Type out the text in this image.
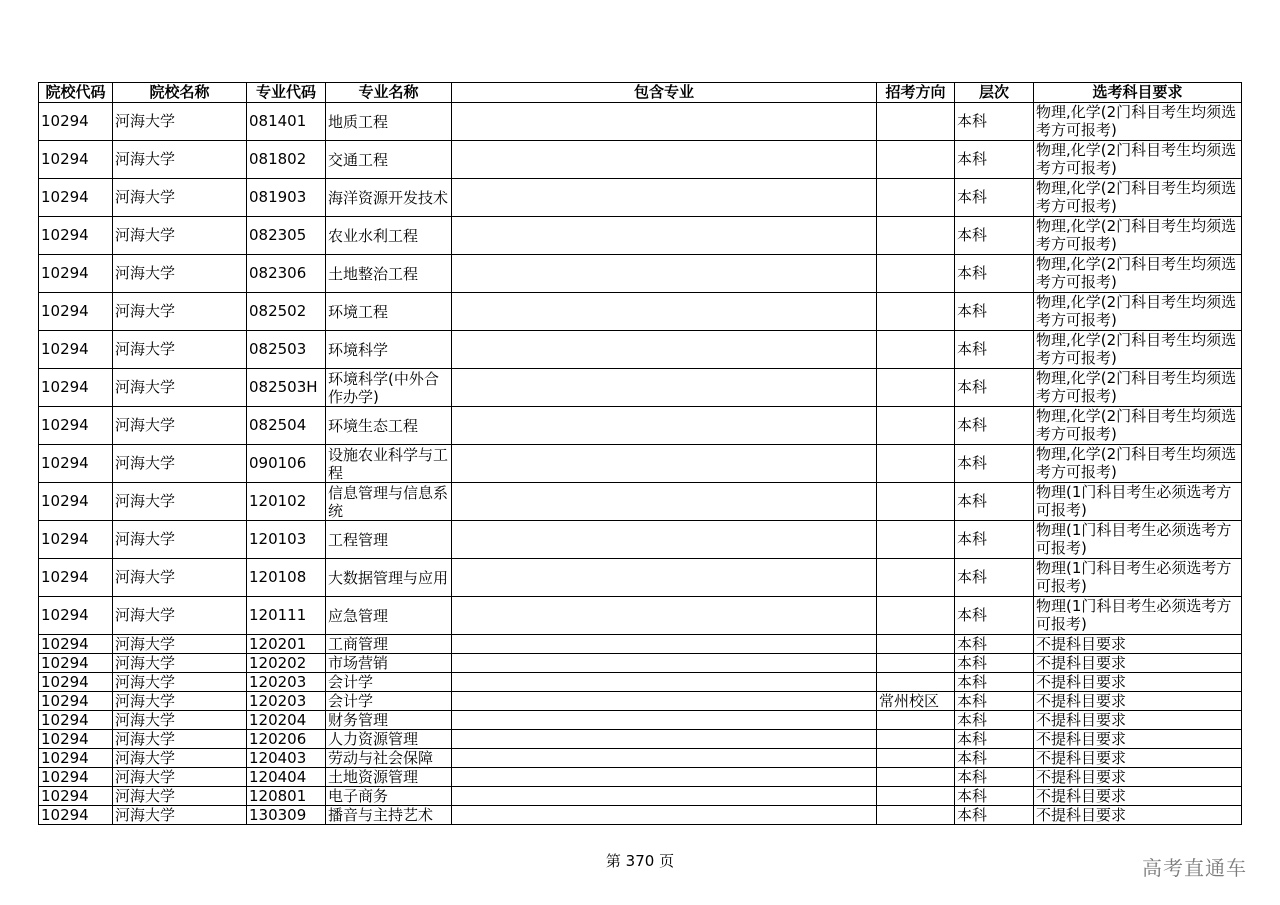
院校代码	院校名称	专业代码	专业名称	包含专业	招考方向	层次	选考科目要求
10294	河海大学	081401	地质工程			本科	物理,化学(2门科目考生均须选考方可报考)
10294	河海大学	081802	交通工程			本科	物理,化学(2门科目考生均须选考方可报考)
10294	河海大学	081903	海洋资源开发技术			本科	物理,化学(2门科目考生均须选考方可报考)
10294	河海大学	082305	农业水利工程			本科	物理,化学(2门科目考生均须选考方可报考)
10294	河海大学	082306	土地整治工程			本科	物理,化学(2门科目考生均须选考方可报考)
10294	河海大学	082502	环境工程			本科	物理,化学(2门科目考生均须选考方可报考)
10294	河海大学	082503	环境科学			本科	物理,化学(2门科目考生均须选考方可报考)
10294	河海大学	082503H	环境科学(中外合作办学)			本科	物理,化学(2门科目考生均须选考方可报考)
10294	河海大学	082504	环境生态工程			本科	物理,化学(2门科目考生均须选考方可报考)
10294	河海大学	090106	设施农业科学与工程			本科	物理,化学(2门科目考生均须选考方可报考)
10294	河海大学	120102	信息管理与信息系统			本科	物理(1门科目考生必须选考方可报考)
10294	河海大学	120103	工程管理			本科	物理(1门科目考生必须选考方可报考)
10294	河海大学	120108	大数据管理与应用			本科	物理(1门科目考生必须选考方可报考)
10294	河海大学	120111	应急管理			本科	物理(1门科目考生必须选考方可报考)
10294	河海大学	120201	工商管理			本科	不提科目要求
10294	河海大学	120202	市场营销			本科	不提科目要求
10294	河海大学	120203	会计学			本科	不提科目要求
10294	河海大学	120203	会计学		常州校区	本科	不提科目要求
10294	河海大学	120204	财务管理			本科	不提科目要求
10294	河海大学	120206	人力资源管理			本科	不提科目要求
10294	河海大学	120403	劳动与社会保障			本科	不提科目要求
10294	河海大学	120404	土地资源管理			本科	不提科目要求
10294	河海大学	120801	电子商务			本科	不提科目要求
10294	河海大学	130309	播音与主持艺术			本科	不提科目要求
第 370 页	高考直通车
